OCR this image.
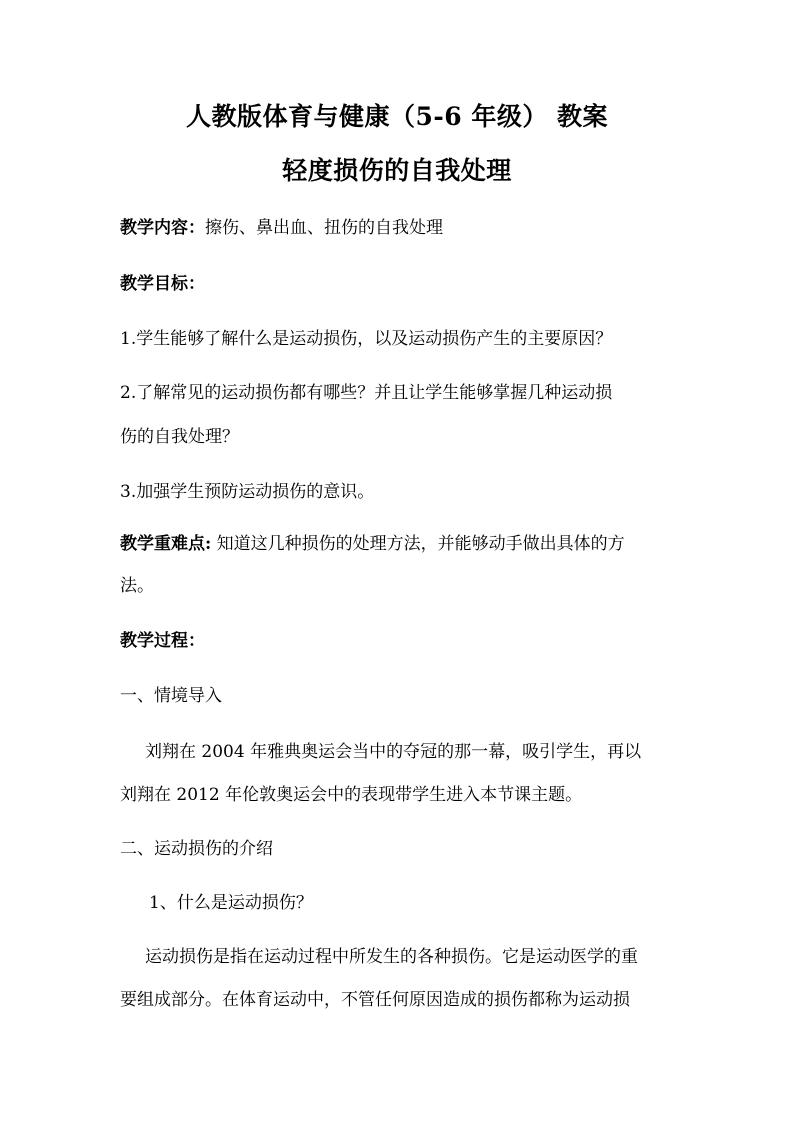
人教版体育与健康（5-6 年级） 教案
轻度损伤的自我处理
教学内容：擦伤、鼻出血、扭伤的自我处理
教学目标：
1.学生能够了解什么是运动损伤，以及运动损伤产生的主要原因？
2.了解常见的运动损伤都有哪些？并且让学生能够掌握几种运动损
伤的自我处理？
3.加强学生预防运动损伤的意识。
教学重难点: 知道这几种损伤的处理方法，并能够动手做出具体的方
法。
教学过程：
一、情境导入
刘翔在 2004 年雅典奥运会当中的夺冠的那一幕，吸引学生，再以
刘翔在 2012 年伦敦奥运会中的表现带学生进入本节课主题。
二、运动损伤的介绍
1、什么是运动损伤？
运动损伤是指在运动过程中所发生的各种损伤。它是运动医学的重
要组成部分。在体育运动中，不管任何原因造成的损伤都称为运动损
